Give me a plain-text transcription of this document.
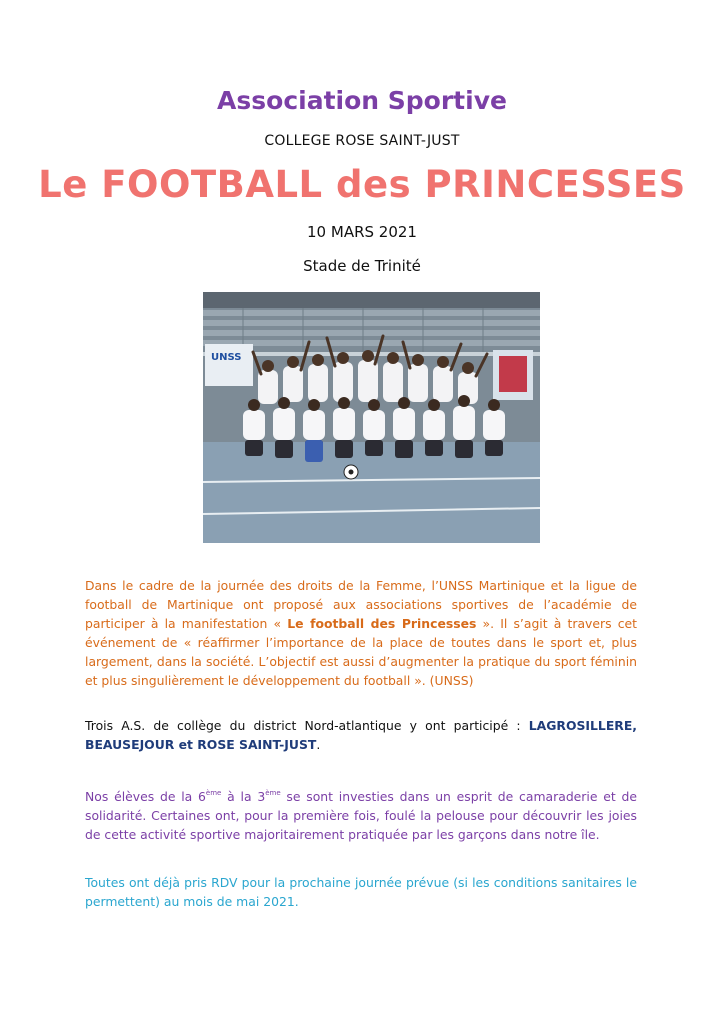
Association Sportive
COLLEGE ROSE SAINT-JUST
Le FOOTBALL des PRINCESSES
10 MARS 2021
Stade de Trinité
UNSS
Dans le cadre de la journée des droits de la Femme, l’UNSS Martinique et la ligue de football de Martinique ont proposé aux associations sportives de l’académie de participer à la manifestation « Le football des Princesses ». Il s’agit à travers cet événement de « réaffirmer l’importance de la place de toutes dans le sport et, plus largement, dans la société. L’objectif est aussi d’augmenter la pratique du sport féminin et plus singulièrement le développement du football ». (UNSS)
Trois A.S. de collège du district Nord-atlantique y ont participé : LAGROSILLERE, BEAUSEJOUR et ROSE SAINT-JUST.
Nos élèves de la 6ème à la 3ème se sont investies dans un esprit de camaraderie et de solidarité. Certaines ont, pour la première fois, foulé la pelouse pour découvrir les joies de cette activité sportive majoritairement pratiquée par les garçons dans notre île.
Toutes ont déjà pris RDV pour la prochaine journée prévue (si les conditions sanitaires le permettent) au mois de mai 2021.
